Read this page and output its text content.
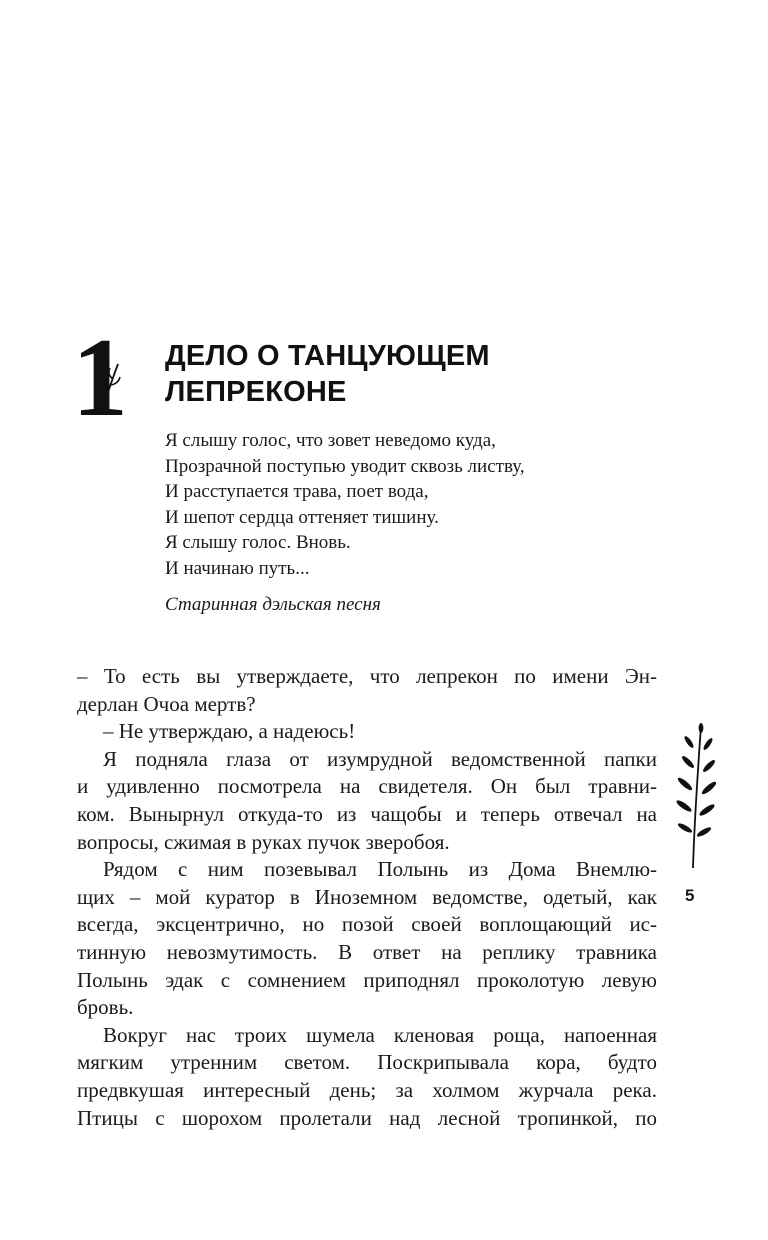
1 ДЕЛО О ТАНЦУЮЩЕМ
ЛЕПРЕКОНЕ
Я слышу голос, что зовет неведомо куда,
Прозрачной поступью уводит сквозь листву,
И расступается трава, поет вода,
И шепот сердца оттеняет тишину.
Я слышу голос. Вновь.
И начинаю путь...
Старинная дэльская песня
– То есть вы утверждаете, что лепрекон по имени Эн-
дерлан Очоа мертв?
– Не утверждаю, а надеюсь!
Я подняла глаза от изумрудной ведомственной папки
и удивленно посмотрела на свидетеля. Он был травни-
ком. Вынырнул откуда-то из чащобы и теперь отвечал на
вопросы, сжимая в руках пучок зверобоя.
Рядом с ним позевывал Полынь из Дома Внемлю-
щих – мой куратор в Иноземном ведомстве, одетый, как
всегда, эксцентрично, но позой своей воплощающий ис-
тинную невозмутимость. В ответ на реплику травника
Полынь эдак с сомнением приподнял проколотую левую
бровь.
Вокруг нас троих шумела кленовая роща, напоенная
мягким утренним светом. Поскрипывала кора, будто
предвкушая интересный день; за холмом журчала река.
Птицы с шорохом пролетали над лесной тропинкой, по
5
